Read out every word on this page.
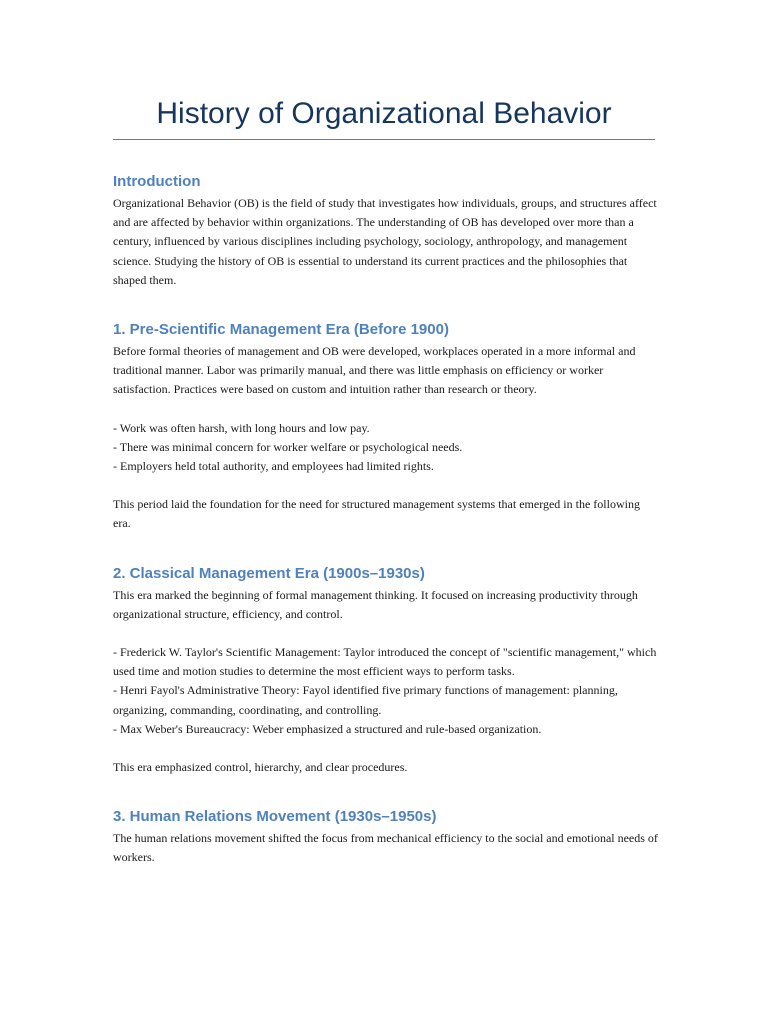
History of Organizational Behavior
Introduction

Organizational Behavior (OB) is the field of study that investigates how individuals, groups, and structures affect and are affected by behavior within organizations. The understanding of OB has developed over more than a century, influenced by various disciplines including psychology, sociology, anthropology, and management science. Studying the history of OB is essential to understand its current practices and the philosophies that shaped them.

1. Pre-Scientific Management Era (Before 1900)

Before formal theories of management and OB were developed, workplaces operated in a more informal and traditional manner. Labor was primarily manual, and there was little emphasis on efficiency or worker satisfaction. Practices were based on custom and intuition rather than research or theory.

- Work was often harsh, with long hours and low pay.

- There was minimal concern for worker welfare or psychological needs.

- Employers held total authority, and employees had limited rights.

This period laid the foundation for the need for structured management systems that emerged in the following era.

2. Classical Management Era (1900s–1930s)

This era marked the beginning of formal management thinking. It focused on increasing productivity through organizational structure, efficiency, and control.

- Frederick W. Taylor's Scientific Management: Taylor introduced the concept of "scientific management," which used time and motion studies to determine the most efficient ways to perform tasks.

- Henri Fayol's Administrative Theory: Fayol identified five primary functions of management: planning, organizing, commanding, coordinating, and controlling.

- Max Weber's Bureaucracy: Weber emphasized a structured and rule-based organization.

This era emphasized control, hierarchy, and clear procedures.

3. Human Relations Movement (1930s–1950s)

The human relations movement shifted the focus from mechanical efficiency to the social and emotional needs of workers.
